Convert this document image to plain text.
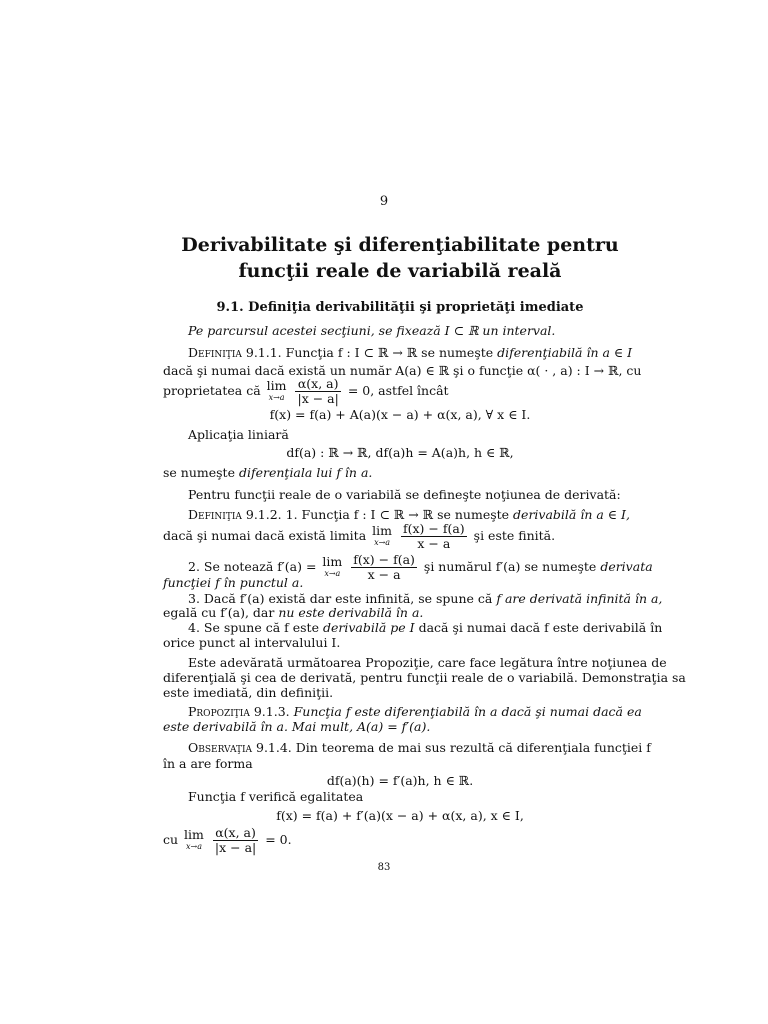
9
Derivabilitate şi diferenţiabilitate pentru funcţii reale de variabilă reală
9.1. Definiţia derivabilităţii şi proprietăţi imediate
Pe parcursul acestei secţiuni, se fixează I ⊂ ℝ un interval.
Definiţia 9.1.1. Funcţia f : I ⊂ ℝ → ℝ se numeşte diferenţiabilă în a ∈ I
dacă şi numai dacă există un număr A(a) ∈ ℝ şi o funcţie α( · , a) : I → ℝ, cu
proprietatea că lim
x→a
$\frac{\alpha(x, a)}{|x - a|} = 0$, astfel încât
f(x) = f(a) + A(a)(x − a) + α(x, a), ∀ x ∈ I.
Aplicaţia liniară
df(a) : ℝ → ℝ, df(a)h = A(a)h, h ∈ ℝ,
se numeşte diferenţiala lui f în a.
Pentru funcţii reale de o variabilă se defineşte noţiunea de derivată:
Definiţia 9.1.2. 1. Funcţia f : I ⊂ ℝ → ℝ se numeşte derivabilă în a ∈ I,
dacă şi numai dacă există limita lim
x→a
$\frac{f(x) - f(a)}{x - a}$ şi este finită.
2. Se notează f′(a) = lim
x→a
$\frac{f(x) - f(a)}{x - a}$ şi numărul f′(a) se numeşte derivata
funcţiei f în punctul a.
3. Dacă f′(a) există dar este infinită, se spune că f are derivată infinită în a,
egală cu f′(a), dar nu este derivabilă în a.
4. Se spune că f este derivabilă pe I dacă şi numai dacă f este derivabilă în
orice punct al intervalului I.
Este adevărată următoarea Propoziţie, care face legătura între noţiunea de
diferenţială şi cea de derivată, pentru funcţii reale de o variabilă. Demonstraţia sa
este imediată, din definiţii.
Propoziţia 9.1.3. Funcţia f este diferenţiabilă în a dacă şi numai dacă ea
este derivabilă în a. Mai mult, A(a) = f′(a).
Observaţia 9.1.4. Din teorema de mai sus rezultă că diferenţiala funcţiei f
în a are forma
df(a)(h) = f′(a)h, h ∈ ℝ.
Funcţia f verifică egalitatea
f(x) = f(a) + f′(a)(x − a) + α(x, a), x ∈ I,
cu lim
x→a
$\frac{\alpha(x, a)}{|x - a|} = 0$.
83
